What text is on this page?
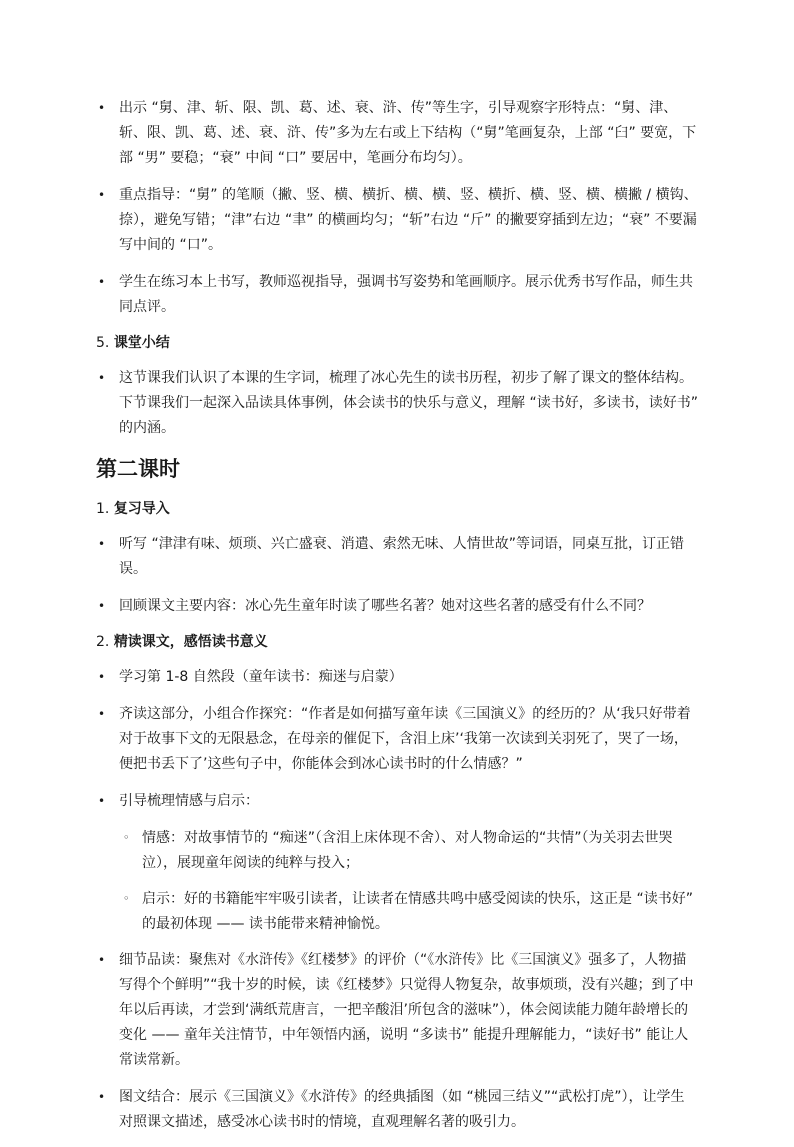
• 出示 “舅、津、斩、限、凯、葛、述、衰、浒、传”等生字，引导观察字形特点：“舅、津、斩、限、凯、葛、述、衰、浒、传”多为左右或上下结构（“舅”笔画复杂，上部 “臼” 要宽，下部 “男” 要稳；“衰” 中间 “口” 要居中，笔画分布均匀）。
• 重点指导：“舅” 的笔顺（撇、竖、横、横折、横、横、竖、横折、横、竖、横、横撇 / 横钩、捺），避免写错；“津”右边 “聿” 的横画均匀；“斩”右边 “斤” 的撇要穿插到左边；“衰” 不要漏写中间的 “口”。
• 学生在练习本上书写，教师巡视指导，强调书写姿势和笔画顺序。展示优秀书写作品，师生共同点评。
5. 课堂小结
• 这节课我们认识了本课的生字词，梳理了冰心先生的读书历程，初步了解了课文的整体结构。下节课我们一起深入品读具体事例，体会读书的快乐与意义，理解 “读书好，多读书，读好书” 的内涵。
第二课时
1. 复习导入
• 听写 “津津有味、烦琐、兴亡盛衰、消遣、索然无味、人情世故”等词语，同桌互批，订正错误。
• 回顾课文主要内容：冰心先生童年时读了哪些名著？她对这些名著的感受有什么不同？
2. 精读课文，感悟读书意义
• 学习第 1-8 自然段（童年读书：痴迷与启蒙）
• 齐读这部分，小组合作探究：“作者是如何描写童年读《三国演义》的经历的？从‘我只好带着对于故事下文的无限悬念，在母亲的催促下，含泪上床’‘我第一次读到关羽死了，哭了一场，便把书丢下了’这些句子中，你能体会到冰心读书时的什么情感？”
• 引导梳理情感与启示：
◦ 情感：对故事情节的 “痴迷”（含泪上床体现不舍）、对人物命运的“共情”（为关羽去世哭泣），展现童年阅读的纯粹与投入；
◦ 启示：好的书籍能牢牢吸引读者，让读者在情感共鸣中感受阅读的快乐，这正是 “读书好” 的最初体现 —— 读书能带来精神愉悦。
• 细节品读：聚焦对《水浒传》《红楼梦》的评价（“《水浒传》比《三国演义》强多了，人物描写得个个鲜明”“我十岁的时候，读《红楼梦》只觉得人物复杂，故事烦琐，没有兴趣；到了中年以后再读，才尝到‘满纸荒唐言，一把辛酸泪’所包含的滋味”），体会阅读能力随年龄增长的变化 —— 童年关注情节，中年领悟内涵，说明 “多读书” 能提升理解能力，“读好书” 能让人常读常新。
• 图文结合：展示《三国演义》《水浒传》的经典插图（如 “桃园三结义”“武松打虎”），让学生对照课文描述，感受冰心读书时的情境，直观理解名著的吸引力。
